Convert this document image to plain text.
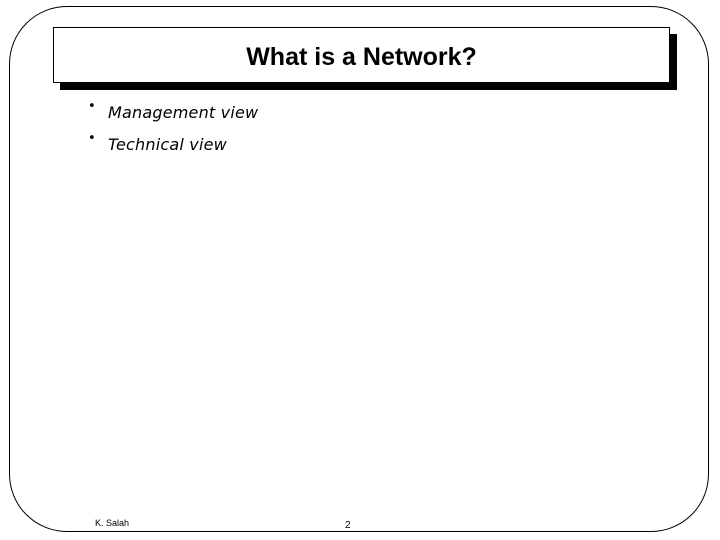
What is a Network?
• Management view
• Technical view
K. Salah	2
